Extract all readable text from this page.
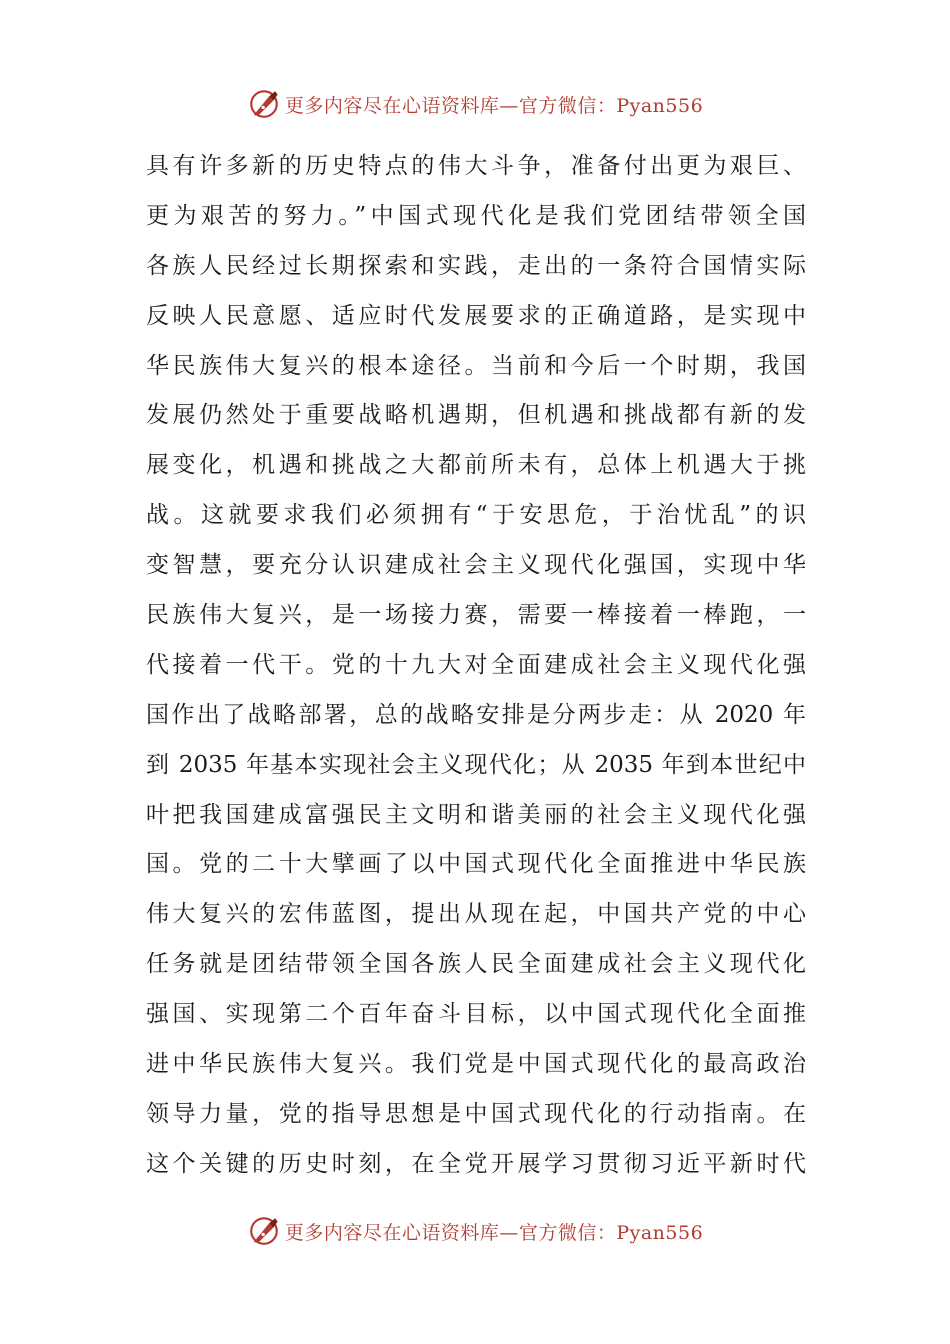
更多内容尽在心语资料库—官方微信：Pyan556
具有许多新的历史特点的伟大斗争，准备付出更为艰巨、
更为艰苦的努力。”中国式现代化是我们党团结带领全国
各族人民经过长期探索和实践，走出的一条符合国情实际
反映人民意愿、适应时代发展要求的正确道路，是实现中
华民族伟大复兴的根本途径。当前和今后一个时期，我国
发展仍然处于重要战略机遇期，但机遇和挑战都有新的发
展变化，机遇和挑战之大都前所未有，总体上机遇大于挑
战。这就要求我们必须拥有“于安思危，于治忧乱”的识
变智慧，要充分认识建成社会主义现代化强国，实现中华
民族伟大复兴，是一场接力赛，需要一棒接着一棒跑，一
代接着一代干。党的十九大对全面建成社会主义现代化强
国作出了战略部署，总的战略安排是分两步走：从 2020 年
到 2035 年基本实现社会主义现代化；从 2035 年到本世纪中
叶把我国建成富强民主文明和谐美丽的社会主义现代化强
国。党的二十大擘画了以中国式现代化全面推进中华民族
伟大复兴的宏伟蓝图，提出从现在起，中国共产党的中心
任务就是团结带领全国各族人民全面建成社会主义现代化
强国、实现第二个百年奋斗目标，以中国式现代化全面推
进中华民族伟大复兴。我们党是中国式现代化的最高政治
领导力量，党的指导思想是中国式现代化的行动指南。在
这个关键的历史时刻，在全党开展学习贯彻习近平新时代
更多内容尽在心语资料库—官方微信：Pyan556
